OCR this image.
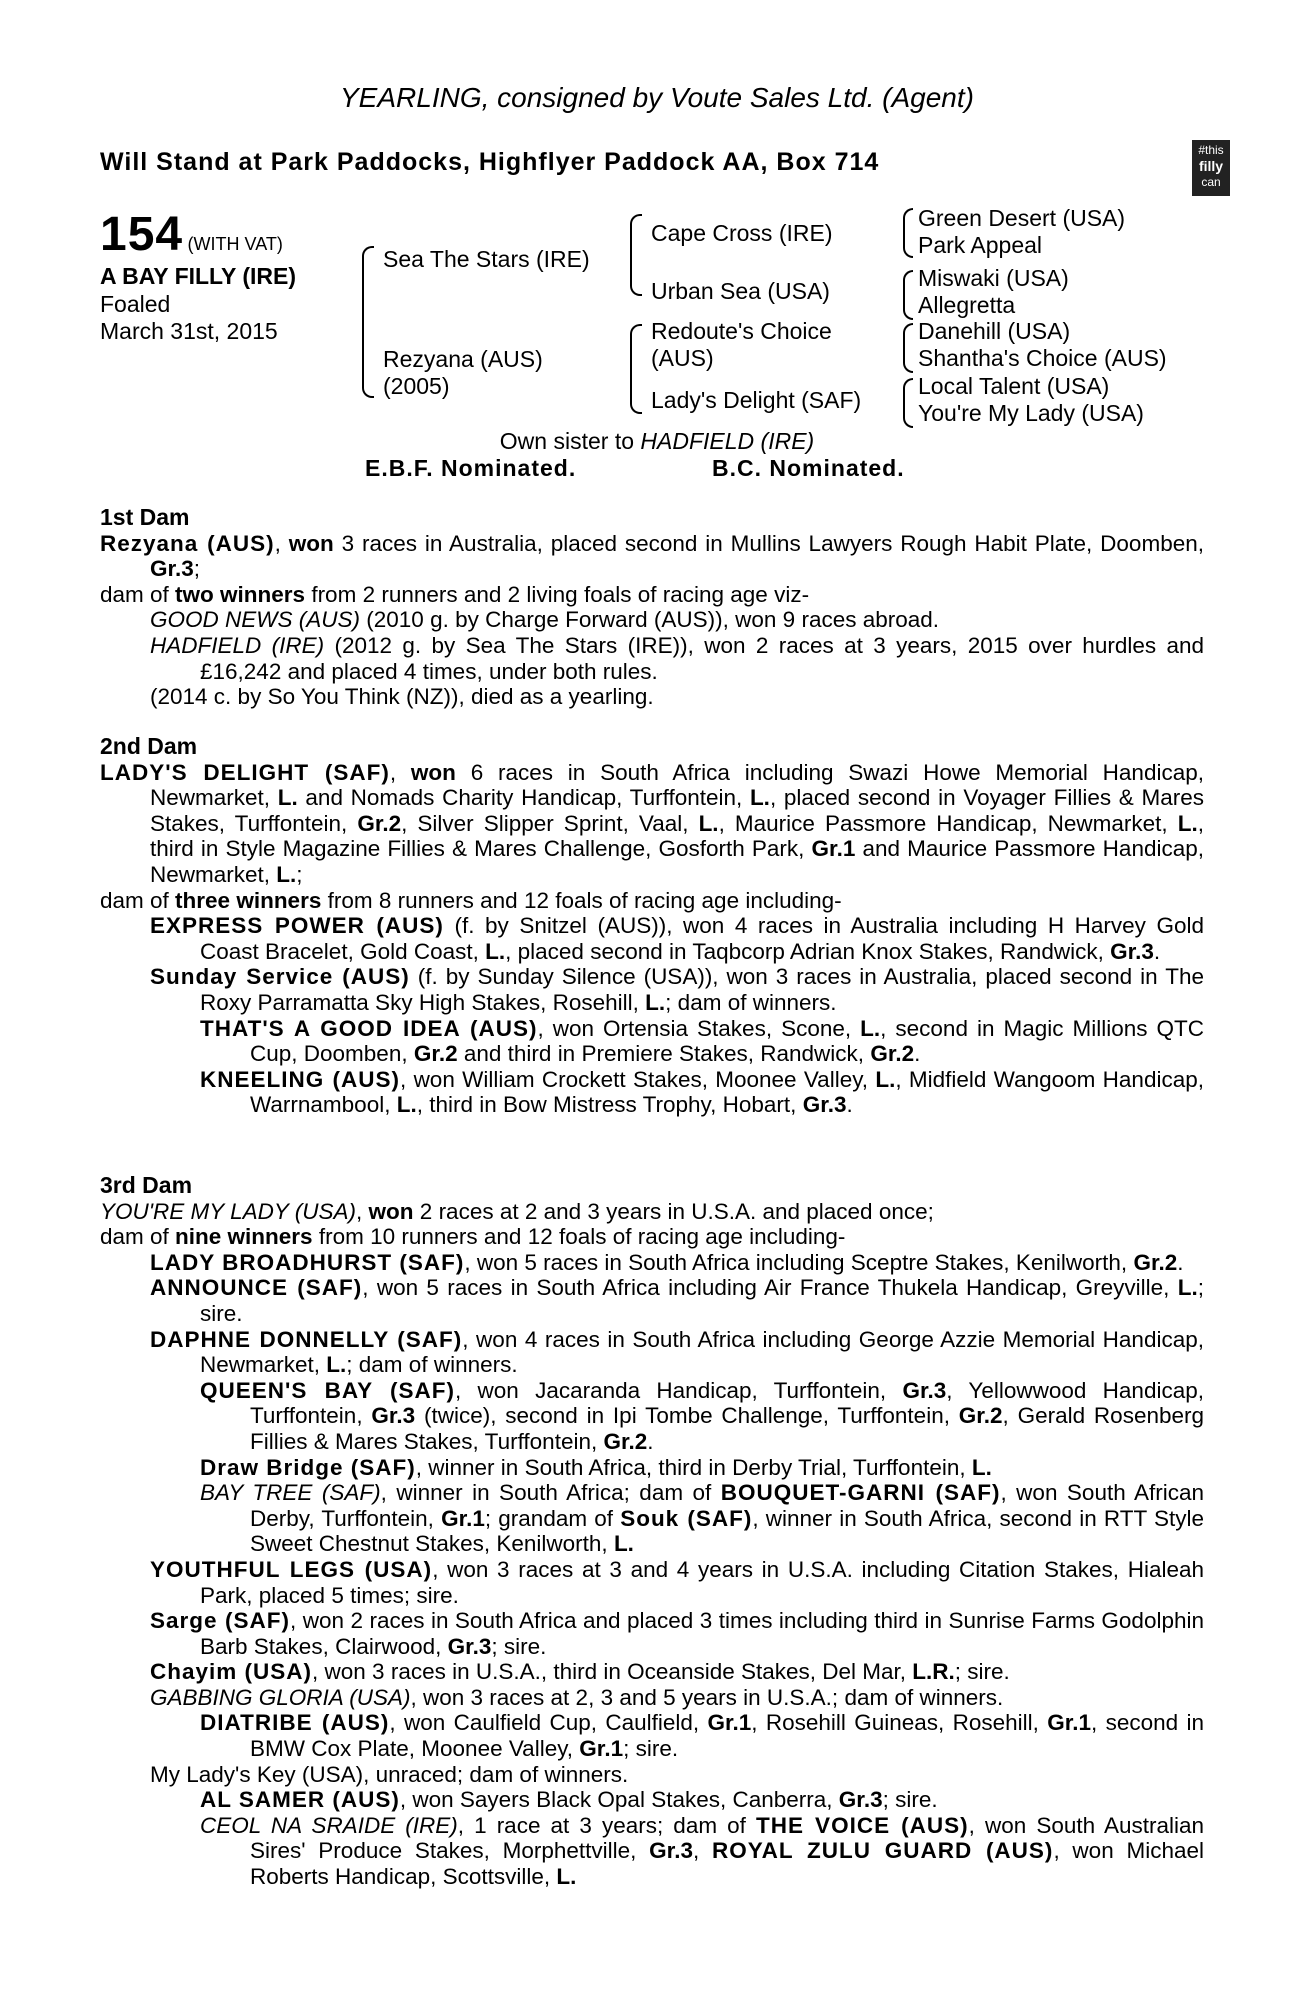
YEARLING, consigned by Voute Sales Ltd. (Agent)
Will Stand at Park Paddocks, Highflyer Paddock AA, Box 714	#this
filly
can
154 (WITH VAT)
A BAY FILLY (IRE)
Foaled
March 31st, 2015
Sea The Stars (IRE)
Rezyana (AUS)
(2005)
Cape Cross (IRE)
Urban Sea (USA)
Redoute's Choice
(AUS)
Lady's Delight (SAF)
Green Desert (USA)
Park Appeal
Miswaki (USA)
Allegretta
Danehill (USA)
Shantha's Choice (AUS)
Local Talent (USA)
You're My Lady (USA)
Own sister to HADFIELD (IRE)
E.B.F. Nominated.	B.C. Nominated.
1st Dam

Rezyana (AUS), won 3 races in Australia, placed second in Mullins Lawyers Rough Habit Plate, Doomben, Gr.3;

dam of two winners from 2 runners and 2 living foals of racing age viz-

GOOD NEWS (AUS) (2010 g. by Charge Forward (AUS)), won 9 races abroad.

HADFIELD (IRE) (2012 g. by Sea The Stars (IRE)), won 2 races at 3 years, 2015 over hurdles and £16,242 and placed 4 times, under both rules.

(2014 c. by So You Think (NZ)), died as a yearling.

2nd Dam

LADY'S DELIGHT (SAF), won 6 races in South Africa including Swazi Howe Memorial Handicap, Newmarket, L. and Nomads Charity Handicap, Turffontein, L., placed second in Voyager Fillies & Mares Stakes, Turffontein, Gr.2, Silver Slipper Sprint, Vaal, L., Maurice Passmore Handicap, Newmarket, L., third in Style Magazine Fillies & Mares Challenge, Gosforth Park, Gr.1 and Maurice Passmore Handicap, Newmarket, L.;

dam of three winners from 8 runners and 12 foals of racing age including-

EXPRESS POWER (AUS) (f. by Snitzel (AUS)), won 4 races in Australia including H Harvey Gold Coast Bracelet, Gold Coast, L., placed second in Taqbcorp Adrian Knox Stakes, Randwick, Gr.3.

Sunday Service (AUS) (f. by Sunday Silence (USA)), won 3 races in Australia, placed second in The Roxy Parramatta Sky High Stakes, Rosehill, L.; dam of winners.

THAT'S A GOOD IDEA (AUS), won Ortensia Stakes, Scone, L., second in Magic Millions QTC Cup, Doomben, Gr.2 and third in Premiere Stakes, Randwick, Gr.2.

KNEELING (AUS), won William Crockett Stakes, Moonee Valley, L., Midfield Wangoom Handicap, Warrnambool, L., third in Bow Mistress Trophy, Hobart, Gr.3.

3rd Dam

YOU'RE MY LADY (USA), won 2 races at 2 and 3 years in U.S.A. and placed once;

dam of nine winners from 10 runners and 12 foals of racing age including-

LADY BROADHURST (SAF), won 5 races in South Africa including Sceptre Stakes, Kenilworth, Gr.2.

ANNOUNCE (SAF), won 5 races in South Africa including Air France Thukela Handicap, Greyville, L.; sire.

DAPHNE DONNELLY (SAF), won 4 races in South Africa including George Azzie Memorial Handicap, Newmarket, L.; dam of winners.

QUEEN'S BAY (SAF), won Jacaranda Handicap, Turffontein, Gr.3, Yellowwood Handicap, Turffontein, Gr.3 (twice), second in Ipi Tombe Challenge, Turffontein, Gr.2, Gerald Rosenberg Fillies & Mares Stakes, Turffontein, Gr.2.

Draw Bridge (SAF), winner in South Africa, third in Derby Trial, Turffontein, L.

BAY TREE (SAF), winner in South Africa; dam of BOUQUET-GARNI (SAF), won South African Derby, Turffontein, Gr.1; grandam of Souk (SAF), winner in South Africa, second in RTT Style Sweet Chestnut Stakes, Kenilworth, L.

YOUTHFUL LEGS (USA), won 3 races at 3 and 4 years in U.S.A. including Citation Stakes, Hialeah Park, placed 5 times; sire.

Sarge (SAF), won 2 races in South Africa and placed 3 times including third in Sunrise Farms Godolphin Barb Stakes, Clairwood, Gr.3; sire.

Chayim (USA), won 3 races in U.S.A., third in Oceanside Stakes, Del Mar, L.R.; sire.

GABBING GLORIA (USA), won 3 races at 2, 3 and 5 years in U.S.A.; dam of winners.

DIATRIBE (AUS), won Caulfield Cup, Caulfield, Gr.1, Rosehill Guineas, Rosehill, Gr.1, second in BMW Cox Plate, Moonee Valley, Gr.1; sire.

My Lady's Key (USA), unraced; dam of winners.

AL SAMER (AUS), won Sayers Black Opal Stakes, Canberra, Gr.3; sire.

CEOL NA SRAIDE (IRE), 1 race at 3 years; dam of THE VOICE (AUS), won South Australian Sires' Produce Stakes, Morphettville, Gr.3, ROYAL ZULU GUARD (AUS), won Michael Roberts Handicap, Scottsville, L.
